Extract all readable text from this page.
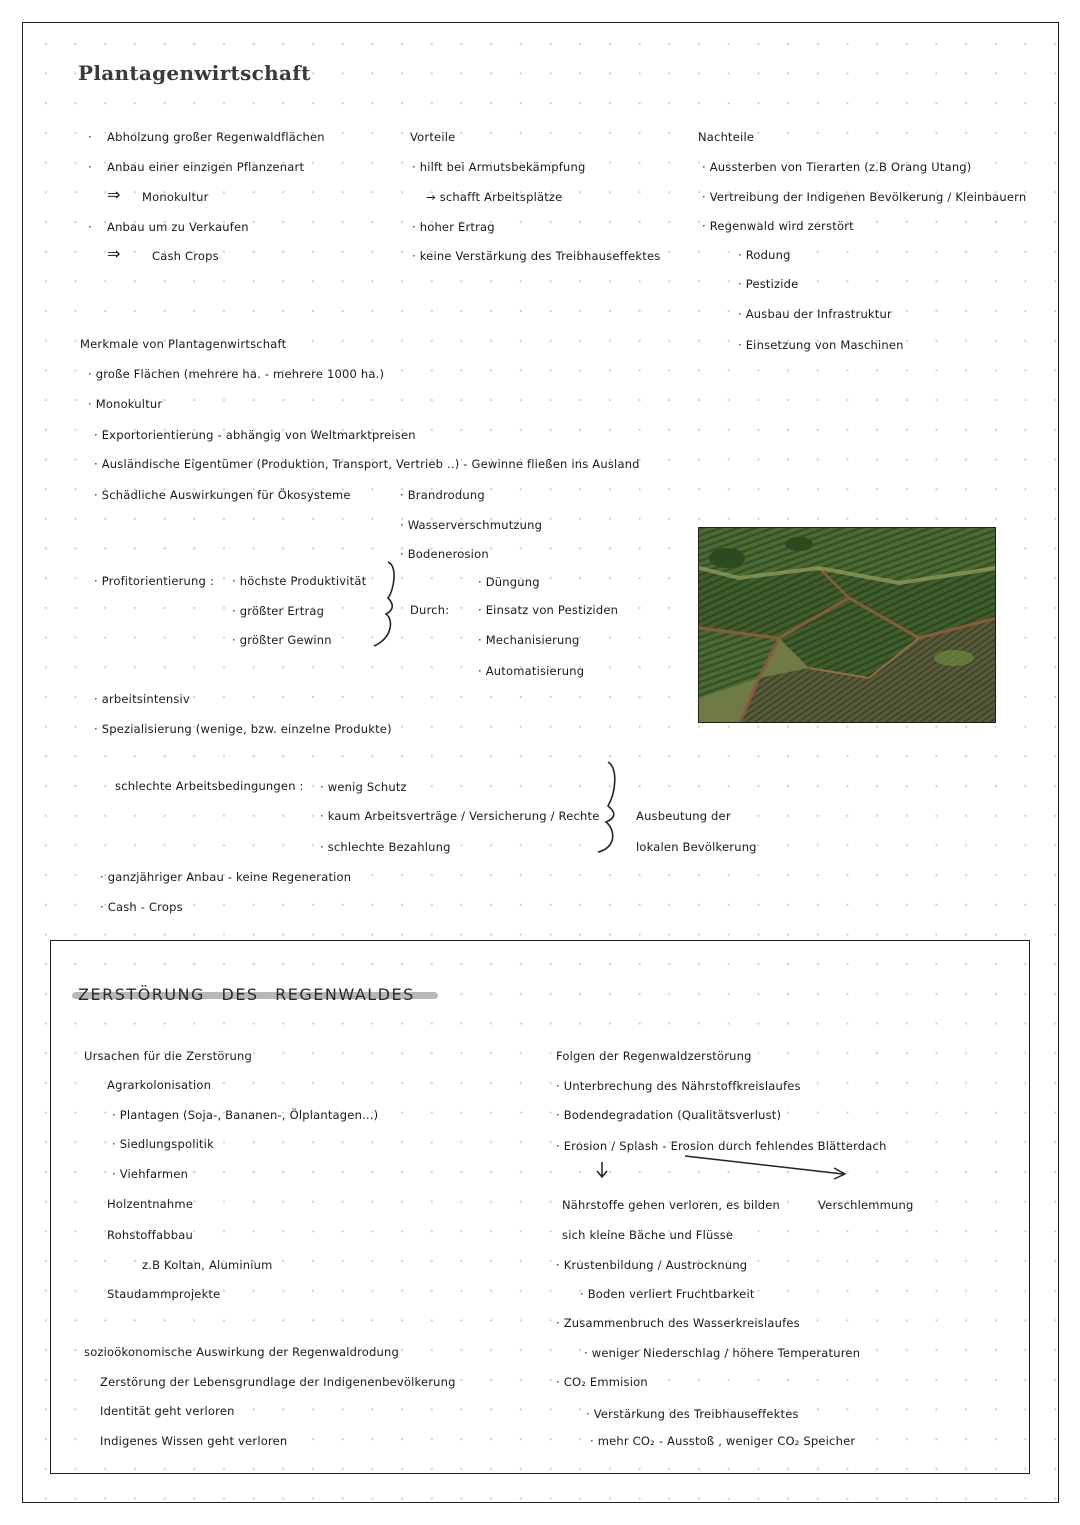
Plantagenwirtschaft
· Abholzung großer Regenwaldflächen
· Anbau einer einzigen Pflanzenart
⇒ Monokultur
· Anbau um zu Verkaufen
⇒	Cash Crops
Vorteile
· hilft bei Armutsbekämpfung
→ schafft Arbeitsplätze
· hoher Ertrag
· keine Verstärkung des Treibhauseffektes
Nachteile
· Aussterben von Tierarten (z.B Orang Utang)
· Vertreibung der Indigenen Bevölkerung / Kleinbauern
· Regenwald wird zerstört
· Rodung
· Pestizide
· Ausbau der Infrastruktur
· Einsetzung von Maschinen
Merkmale von Plantagenwirtschaft
· große Flächen (mehrere ha. - mehrere 1000 ha.)
· Monokultur
· Exportorientierung - abhängig von Weltmarktpreisen
· Ausländische Eigentümer (Produktion, Transport, Vertrieb ..) - Gewinne fließen ins Ausland
· Schädliche Auswirkungen für Ökosysteme	· Brandrodung
· Wasserverschmutzung
· Bodenerosion
· Profitorientierung : · höchste Produktivität
· größter Ertrag
· größter Gewinn
Durch:
· Düngung
· Einsatz von Pestiziden
· Mechanisierung
· Automatisierung
· arbeitsintensiv
· Spezialisierung (wenige, bzw. einzelne Produkte)
schlechte Arbeitsbedingungen : · wenig Schutz
· kaum Arbeitsverträge / Versicherung / Rechte
· schlechte Bezahlung
Ausbeutung der
lokalen Bevölkerung
· ganzjähriger Anbau - keine Regeneration
· Cash - Crops
ZERSTÖRUNG DES REGENWALDES
Ursachen für die Zerstörung
Agrarkolonisation
· Plantagen (Soja-, Bananen-, Ölplantagen...)
· Siedlungspolitik
· Viehfarmen
Holzentnahme
Rohstoffabbau
z.B Koltan, Aluminium
Staudammprojekte
sozioökonomische Auswirkung der Regenwaldrodung
Zerstörung der Lebensgrundlage der Indigenenbevölkerung
Identität geht verloren
Indigenes Wissen geht verloren
Folgen der Regenwaldzerstörung
· Unterbrechung des Nährstoffkreislaufes
· Bodendegradation (Qualitätsverlust)
· Erosion / Splash - Erosion durch fehlendes Blätterdach
Nährstoffe gehen verloren, es bilden
sich kleine Bäche und Flüsse
Verschlemmung
· Krustenbildung / Austrocknung
· Boden verliert Fruchtbarkeit
· Zusammenbruch des Wasserkreislaufes
· weniger Niederschlag / höhere Temperaturen
· CO₂ Emmision
· Verstärkung des Treibhauseffektes
· mehr CO₂ - Ausstoß , weniger CO₂ Speicher
